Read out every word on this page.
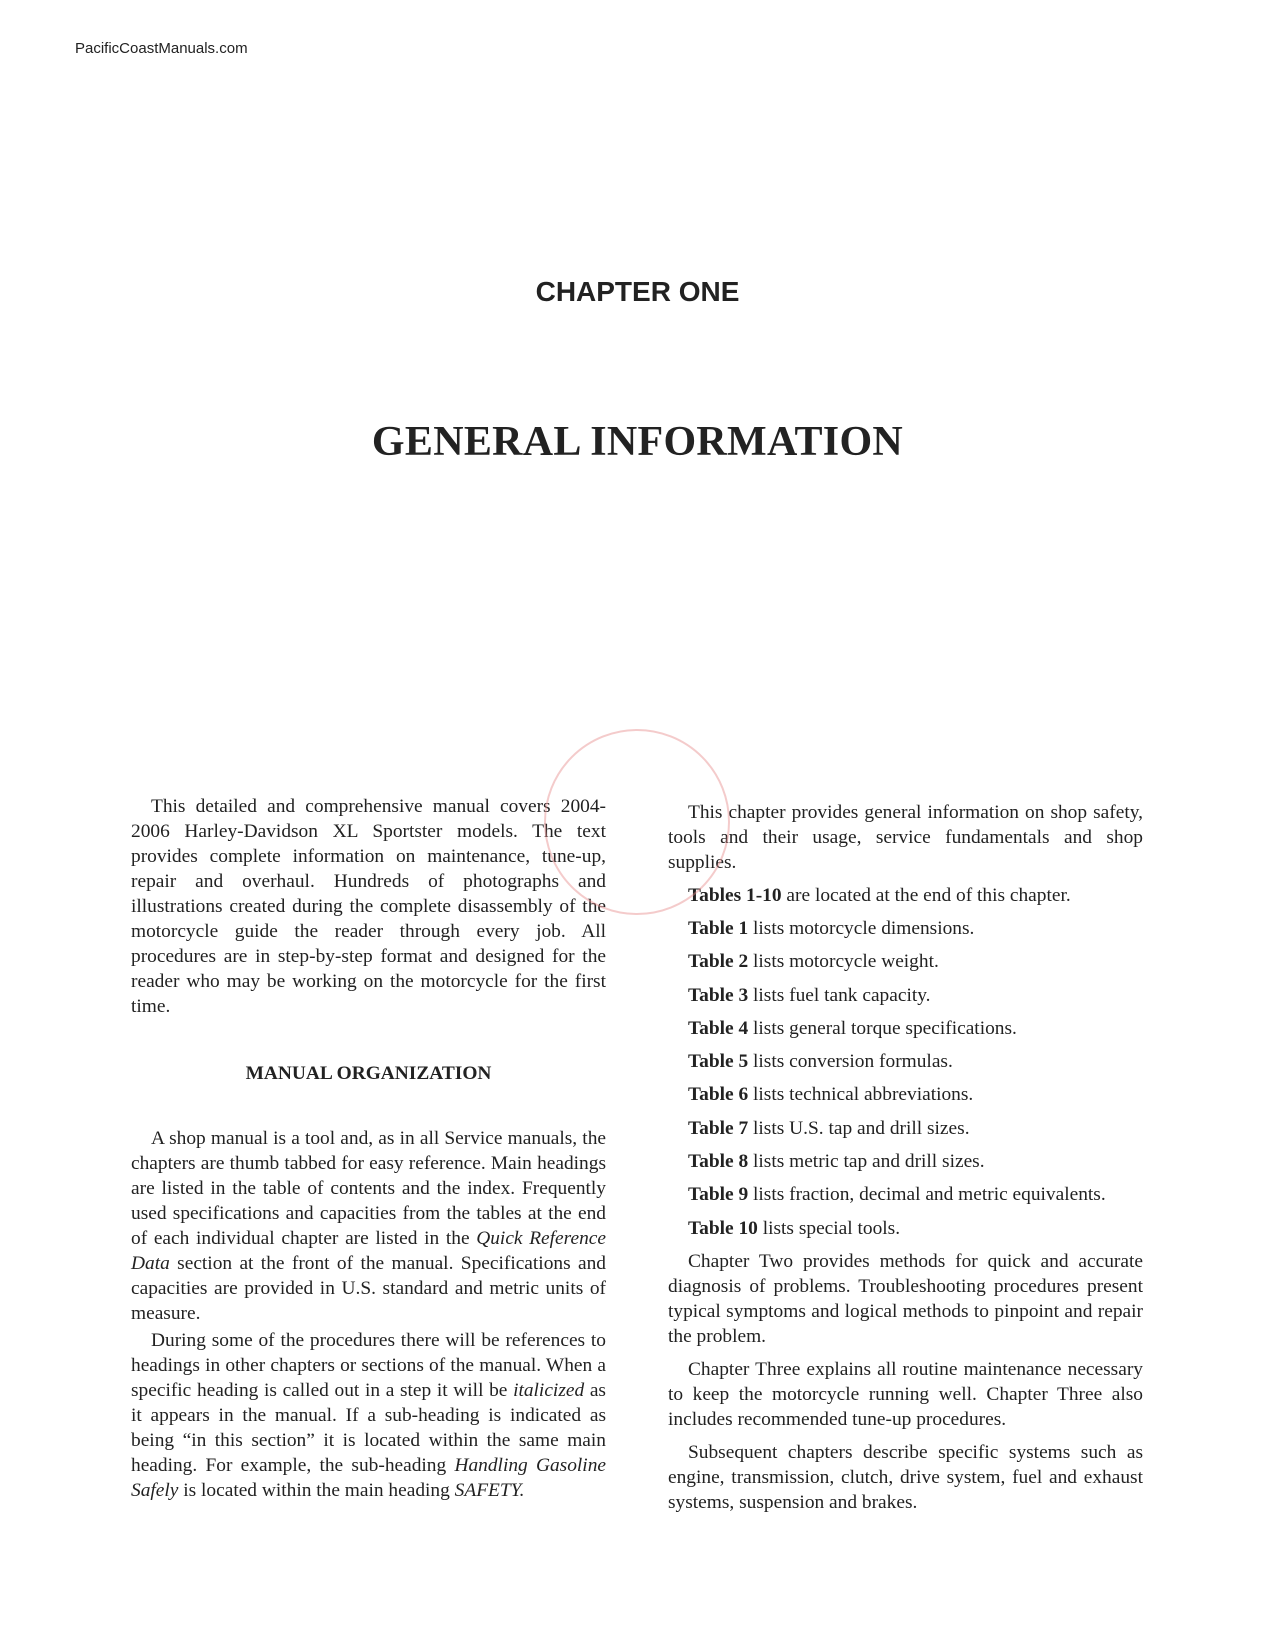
PacificCoastManuals.com
CHAPTER ONE
GENERAL INFORMATION

This detailed and comprehensive manual covers 2004-2006 Harley-Davidson XL Sportster models. The text provides complete information on maintenance, tune-up, repair and overhaul. Hundreds of photographs and illustrations created during the complete disassembly of the motorcycle guide the reader through every job. All procedures are in step-by-step format and designed for the reader who may be working on the motorcycle for the first time.

MANUAL ORGANIZATION

A shop manual is a tool and, as in all Service manuals, the chapters are thumb tabbed for easy reference. Main headings are listed in the table of contents and the index. Frequently used specifications and capacities from the tables at the end of each individual chapter are listed in the Quick Reference Data section at the front of the manual. Specifications and capacities are provided in U.S. standard and metric units of measure.

During some of the procedures there will be references to headings in other chapters or sections of the manual. When a specific heading is called out in a step it will be italicized as it appears in the manual. If a sub-heading is indicated as being “in this section” it is located within the same main heading. For example, the sub-heading Handling Gasoline Safely is located within the main heading SAFETY.

This chapter provides general information on shop safety, tools and their usage, service fundamentals and shop supplies.

Tables 1-10 are located at the end of this chapter.

Table 1 lists motorcycle dimensions.
Table 2 lists motorcycle weight.
Table 3 lists fuel tank capacity.
Table 4 lists general torque specifications.
Table 5 lists conversion formulas.
Table 6 lists technical abbreviations.
Table 7 lists U.S. tap and drill sizes.
Table 8 lists metric tap and drill sizes.
Table 9 lists fraction, decimal and metric equivalents.
Table 10 lists special tools.

Chapter Two provides methods for quick and accurate diagnosis of problems. Troubleshooting procedures present typical symptoms and logical methods to pinpoint and repair the problem.

Chapter Three explains all routine maintenance necessary to keep the motorcycle running well. Chapter Three also includes recommended tune-up procedures.

Subsequent chapters describe specific systems such as engine, transmission, clutch, drive system, fuel and exhaust systems, suspension and brakes.
